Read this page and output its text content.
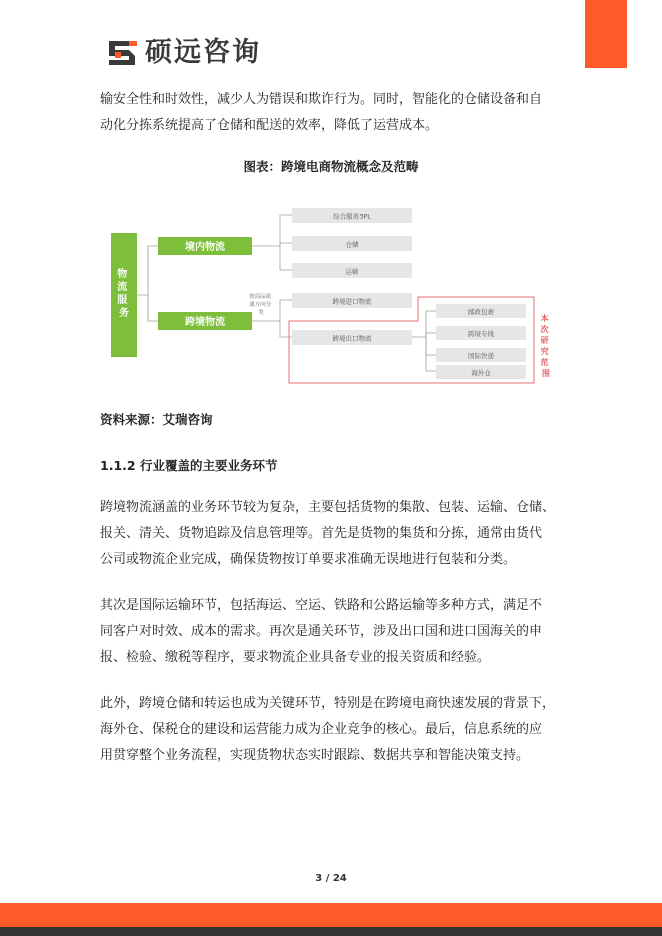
硕远咨询

输安全性和时效性，减少人为错误和欺诈行为。同时，智能化的仓储设备和自

动化分拣系统提高了仓储和配送的效率，降低了运营成本。

图表：跨境电商物流概念及范畴

物 流 服 务
境内物流
跨境物流
按商品流 通方向分 类
综合服务3PL
仓储
运输
跨境进口物流
跨境出口物流
邮政包裹
跨境专线
国际快递
海外仓
本 次 研 究 范 围

资料来源：艾瑞咨询

1.1.2 行业覆盖的主要业务环节

跨境物流涵盖的业务环节较为复杂，主要包括货物的集散、包装、运输、仓储、

报关、清关、货物追踪及信息管理等。首先是货物的集货和分拣，通常由货代

公司或物流企业完成，确保货物按订单要求准确无误地进行包装和分类。

其次是国际运输环节，包括海运、空运、铁路和公路运输等多种方式，满足不

同客户对时效、成本的需求。再次是通关环节，涉及出口国和进口国海关的申

报、检验、缴税等程序，要求物流企业具备专业的报关资质和经验。

此外，跨境仓储和转运也成为关键环节，特别是在跨境电商快速发展的背景下，

海外仓、保税仓的建设和运营能力成为企业竞争的核心。最后，信息系统的应

用贯穿整个业务流程，实现货物状态实时跟踪、数据共享和智能决策支持。

3 / 24
